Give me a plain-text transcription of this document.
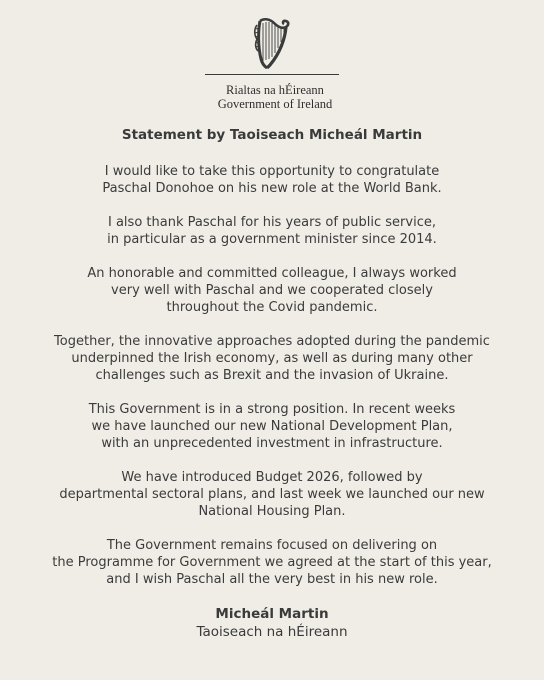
Rialtas na hÉireann
Government of Ireland
Statement by Taoiseach Micheál Martin

I would like to take this opportunity to congratulate
Paschal Donohoe on his new role at the World Bank.

I also thank Paschal for his years of public service,
in particular as a government minister since 2014.

An honorable and committed colleague, I always worked
very well with Paschal and we cooperated closely
throughout the Covid pandemic.

Together, the innovative approaches adopted during the pandemic
underpinned the Irish economy, as well as during many other
challenges such as Brexit and the invasion of Ukraine.

This Government is in a strong position. In recent weeks
we have launched our new National Development Plan,
with an unprecedented investment in infrastructure.

We have introduced Budget 2026, followed by
departmental sectoral plans, and last week we launched our new
National Housing Plan.

The Government remains focused on delivering on
the Programme for Government we agreed at the start of this year,
and I wish Paschal all the very best in his new role.

Micheál Martin
Taoiseach na hÉireann
